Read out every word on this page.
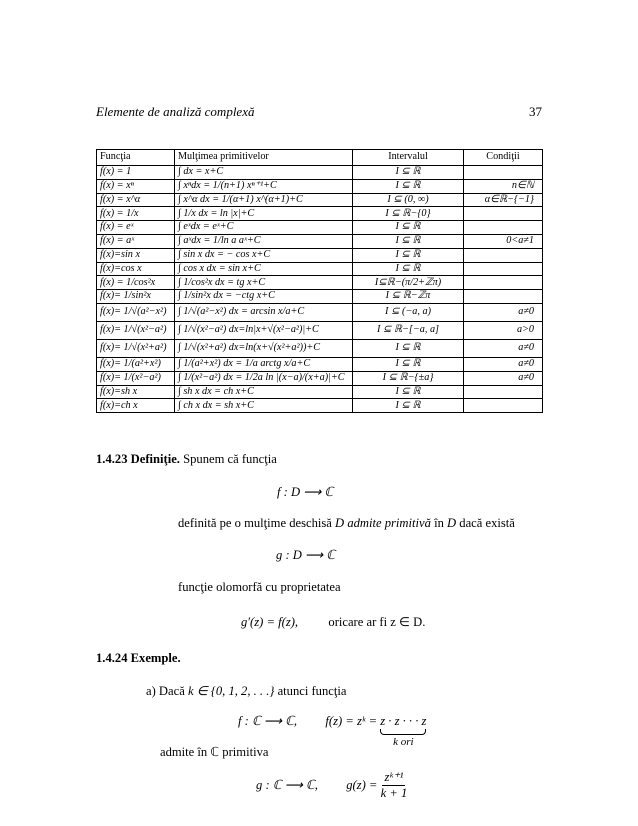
Elemente de analiză complexă	37
Funcţia	Mulţimea primitivelor	Intervalul	Condiţii
f(x) = 1	∫ dx = x+C	I ⊆ ℝ	
f(x) = xⁿ	∫ xⁿdx = 1/(n+1) xⁿ⁺¹+C	I ⊆ ℝ	n∈ℕ
f(x) = x^α	∫ x^α dx = 1/(α+1) x^(α+1)+C	I ⊆ (0, ∞)	α∈ℝ−{−1}
f(x) = 1/x	∫ 1/x dx = ln |x|+C	I ⊆ ℝ−{0}	
f(x) = eˣ	∫ eˣdx = eˣ+C	I ⊆ ℝ	
f(x) = aˣ	∫ aˣdx = 1/ln a aˣ+C	I ⊆ ℝ	0<a≠1
f(x)=sin x	∫ sin x dx = − cos x+C	I ⊆ ℝ	
f(x)=cos x	∫ cos x dx = sin x+C	I ⊆ ℝ	
f(x) = 1/cos²x	∫ 1/cos²x dx = tg x+C	I⊆ℝ−(π/2+ℤπ)	
f(x)= 1/sin²x	∫ 1/sin²x dx = −ctg x+C	I ⊆ ℝ−ℤπ	
f(x)= 1/√(a²−x²)	∫ 1/√(a²−x²) dx = arcsin x/a+C	I ⊆ (−a, a)	a≠0
f(x)= 1/√(x²−a²)	∫ 1/√(x²−a²) dx=ln|x+√(x²−a²)|+C	I ⊆ ℝ−[−a, a]	a>0
f(x)= 1/√(x²+a²)	∫ 1/√(x²+a²) dx=ln(x+√(x²+a²))+C	I ⊆ ℝ	a≠0
f(x)= 1/(a²+x²)	∫ 1/(a²+x²) dx = 1/a arctg x/a+C	I ⊆ ℝ	a≠0
f(x)= 1/(x²−a²)	∫ 1/(x²−a²) dx = 1/2a ln |(x−a)/(x+a)|+C	I ⊆ ℝ−{±a}	a≠0
f(x)=sh x	∫ sh x dx = ch x+C	I ⊆ ℝ	
f(x)=ch x	∫ ch x dx = sh x+C	I ⊆ ℝ	
1.4.23 Definiţie. Spunem că funcţia
f : D ⟶ ℂ
definită pe o mulţime deschisă D admite primitivă în D dacă există
g : D ⟶ ℂ
funcţie olomorfă cu proprietatea
g′(z) = f(z), oricare ar fi z ∈ D.
1.4.24 Exemple.
a) Dacă k ∈ {0, 1, 2, . . .} atunci funcţia
f : ℂ ⟶ ℂ, f(z) = zᵏ = z · z · · · z
k ori
admite în ℂ primitiva
g : ℂ ⟶ ℂ, $g(z) = \frac{\text{zᵏ⁺¹}}{k + 1}$
